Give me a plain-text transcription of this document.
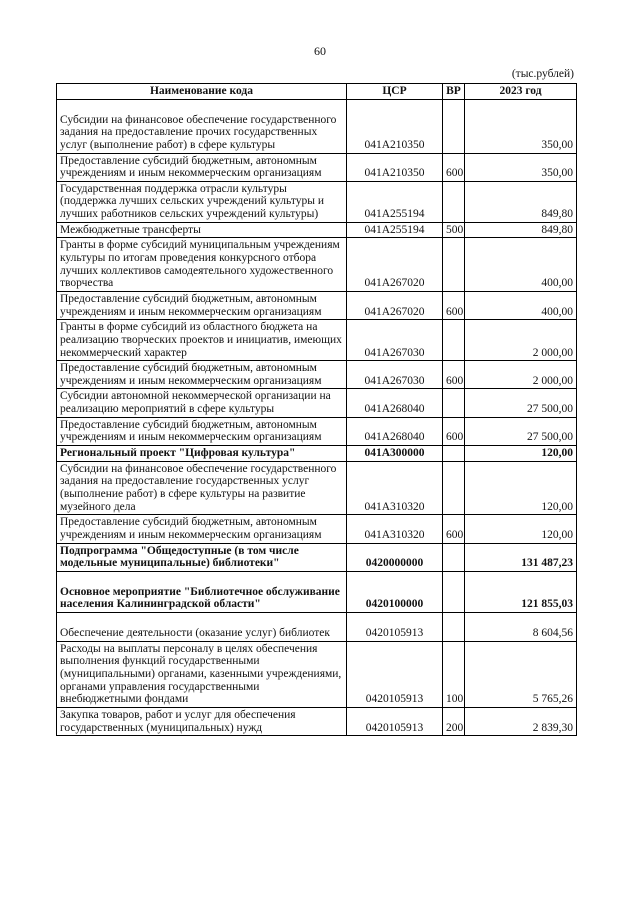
60
(тыс.рублей)
Наименование кода	ЦСР	ВР	2023 год
Субсидии на финансовое обеспечение государственного задания на предоставление прочих государственных услуг (выполнение работ) в сфере культуры	041А210350		350,00
Предоставление субсидий бюджетным, автономным учреждениям и иным некоммерческим организациям	041А210350	600	350,00
Государственная поддержка отрасли культуры (поддержка лучших сельских учреждений культуры и лучших работников сельских учреждений культуры)	041А255194		849,80
Межбюджетные трансферты	041А255194	500	849,80
Гранты в форме субсидий муниципальным учреждениям культуры по итогам проведения конкурсного отбора лучших коллективов самодеятельного художественного творчества	041А267020		400,00
Предоставление субсидий бюджетным, автономным учреждениям и иным некоммерческим организациям	041А267020	600	400,00
Гранты в форме субсидий из областного бюджета на реализацию творческих проектов и инициатив, имеющих некоммерческий характер	041А267030		2 000,00
Предоставление субсидий бюджетным, автономным учреждениям и иным некоммерческим организациям	041А267030	600	2 000,00
Субсидии автономной некоммерческой организации на реализацию мероприятий в сфере культуры	041А268040		27 500,00
Предоставление субсидий бюджетным, автономным учреждениям и иным некоммерческим организациям	041А268040	600	27 500,00
Региональный проект "Цифровая культура"	041А300000		120,00
Субсидии на финансовое обеспечение государственного задания на предоставление государственных услуг (выполнение работ) в сфере культуры на развитие музейного дела	041А310320		120,00
Предоставление субсидий бюджетным, автономным учреждениям и иным некоммерческим организациям	041А310320	600	120,00
Подпрограмма "Общедоступные (в том числе модельные муниципальные) библиотеки"	0420000000		131 487,23
Основное мероприятие "Библиотечное обслуживание населения Калининградской области"	0420100000		121 855,03
Обеспечение деятельности (оказание услуг) библиотек	0420105913		8 604,56
Расходы на выплаты персоналу в целях обеспечения выполнения функций государственными (муниципальными) органами, казенными учреждениями, органами управления государственными внебюджетными фондами	0420105913	100	5 765,26
Закупка товаров, работ и услуг для обеспечения государственных (муниципальных) нужд	0420105913	200	2 839,30
